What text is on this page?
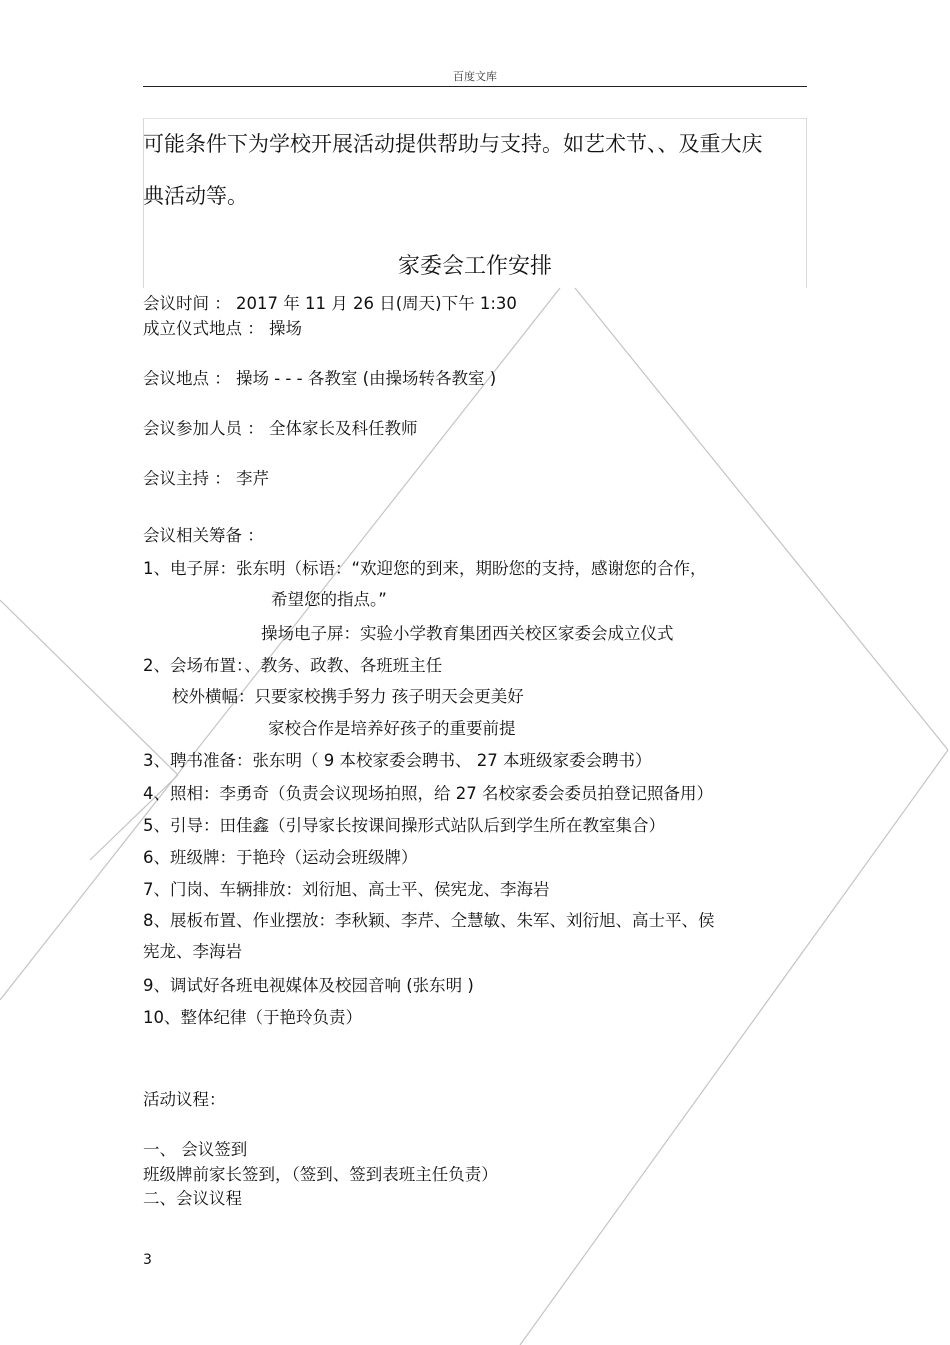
百度文库
可能条件下为学校开展活动提供帮助与支持。如艺术节、、及重大庆
典活动等。
家委会工作安排
会议时间 ： 2017 年 11 月 26 日(周天)下午 1:30
成立仪式地点 ： 操场
会议地点 ： 操场 - - - 各教室 (由操场转各教室 )
会议参加人员 ： 全体家长及科任教师
会议主持 ： 李芹
会议相关筹备 ：
1、电子屏：张东明（标语：“欢迎您的到来，期盼您的支持，感谢您的合作，
希望您的指点。”
操场电子屏：实验小学教育集团西关校区家委会成立仪式
2、会场布置：、教务、政教、各班班主任
校外横幅：只要家校携手努力 孩子明天会更美好
家校合作是培养好孩子的重要前提
3、聘书准备：张东明（ 9 本校家委会聘书、 27 本班级家委会聘书）
4、照相：李勇奇（负责会议现场拍照，给 27 名校家委会委员拍登记照备用）
5、引导：田佳鑫（引导家长按课间操形式站队后到学生所在教室集合）
6、班级牌：于艳玲（运动会班级牌）
7、门岗、车辆排放：刘衍旭、高士平、侯宪龙、李海岩
8、展板布置、作业摆放：李秋颖、李芹、仝慧敏、朱军、刘衍旭、高士平、侯
宪龙、李海岩
9、调试好各班电视媒体及校园音响 (张东明 )
10、整体纪律（于艳玲负责）
活动议程：
一、 会议签到
班级牌前家长签到，（签到、签到表班主任负责）
二、会议议程
3
